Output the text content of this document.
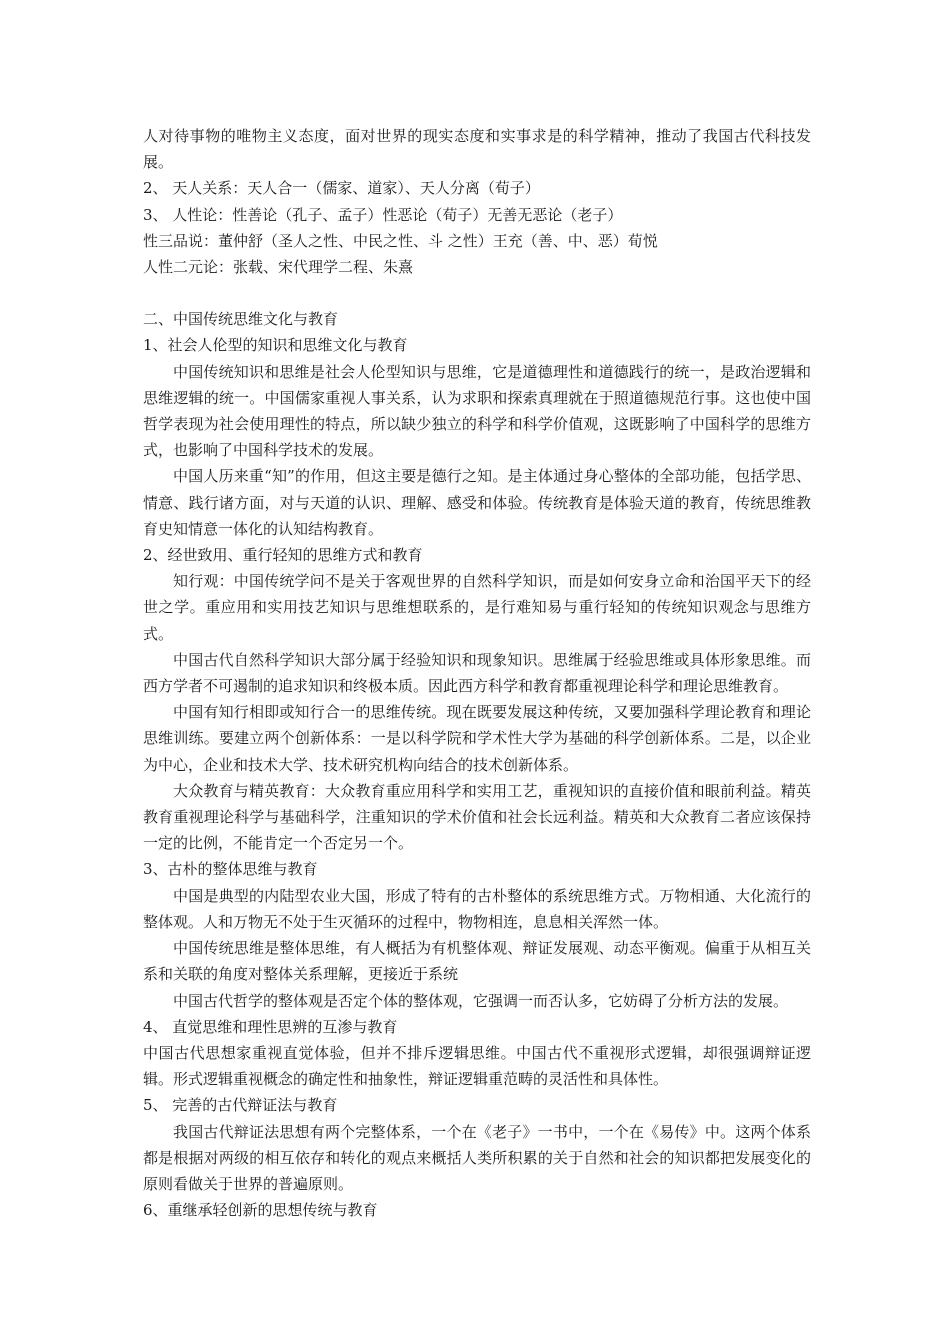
人对待事物的唯物主义态度，面对世界的现实态度和实事求是的科学精神，推动了我国古代科技发展。

2、 天人关系：天人合一（儒家、道家）、天人分离（荀子）

3、 人性论：性善论（孔子、孟子）性恶论（荀子）无善无恶论（老子）

性三品说：董仲舒（圣人之性、中民之性、斗 之性）王充（善、中、恶）荀悦

人性二元论：张载、宋代理学二程、朱熹

二、中国传统思维文化与教育

1、社会人伦型的知识和思维文化与教育

中国传统知识和思维是社会人伦型知识与思维，它是道德理性和道德践行的统一，是政治逻辑和思维逻辑的统一。中国儒家重视人事关系，认为求职和探索真理就在于照道德规范行事。这也使中国哲学表现为社会使用理性的特点，所以缺少独立的科学和科学价值观，这既影响了中国科学的思维方式，也影响了中国科学技术的发展。

中国人历来重“知”的作用，但这主要是德行之知。是主体通过身心整体的全部功能，包括学思、情意、践行诸方面，对与天道的认识、理解、感受和体验。传统教育是体验天道的教育，传统思维教育史知情意一体化的认知结构教育。

2、经世致用、重行轻知的思维方式和教育

知行观：中国传统学问不是关于客观世界的自然科学知识，而是如何安身立命和治国平天下的经世之学。重应用和实用技艺知识与思维想联系的，是行难知易与重行轻知的传统知识观念与思维方式。

中国古代自然科学知识大部分属于经验知识和现象知识。思维属于经验思维或具体形象思维。而西方学者不可遏制的追求知识和终极本质。因此西方科学和教育都重视理论科学和理论思维教育。

中国有知行相即或知行合一的思维传统。现在既要发展这种传统，又要加强科学理论教育和理论思维训练。要建立两个创新体系：一是以科学院和学术性大学为基础的科学创新体系。二是，以企业为中心，企业和技术大学、技术研究机构向结合的技术创新体系。

大众教育与精英教育：大众教育重应用科学和实用工艺，重视知识的直接价值和眼前利益。精英教育重视理论科学与基础科学，注重知识的学术价值和社会长远利益。精英和大众教育二者应该保持一定的比例，不能肯定一个否定另一个。

3、古朴的整体思维与教育

中国是典型的内陆型农业大国，形成了特有的古朴整体的系统思维方式。万物相通、大化流行的整体观。人和万物无不处于生灭循环的过程中，物物相连，息息相关浑然一体。

中国传统思维是整体思维，有人概括为有机整体观、辩证发展观、动态平衡观。偏重于从相互关系和关联的角度对整体关系理解，更接近于系统

中国古代哲学的整体观是否定个体的整体观，它强调一而否认多，它妨碍了分析方法的发展。

4、 直觉思维和理性思辨的互渗与教育

中国古代思想家重视直觉体验，但并不排斥逻辑思维。中国古代不重视形式逻辑，却很强调辩证逻辑。形式逻辑重视概念的确定性和抽象性，辩证逻辑重范畴的灵活性和具体性。

5、 完善的古代辩证法与教育

我国古代辩证法思想有两个完整体系，一个在《老子》一书中，一个在《易传》中。这两个体系都是根据对两级的相互依存和转化的观点来概括人类所积累的关于自然和社会的知识都把发展变化的原则看做关于世界的普遍原则。

6、重继承轻创新的思想传统与教育
